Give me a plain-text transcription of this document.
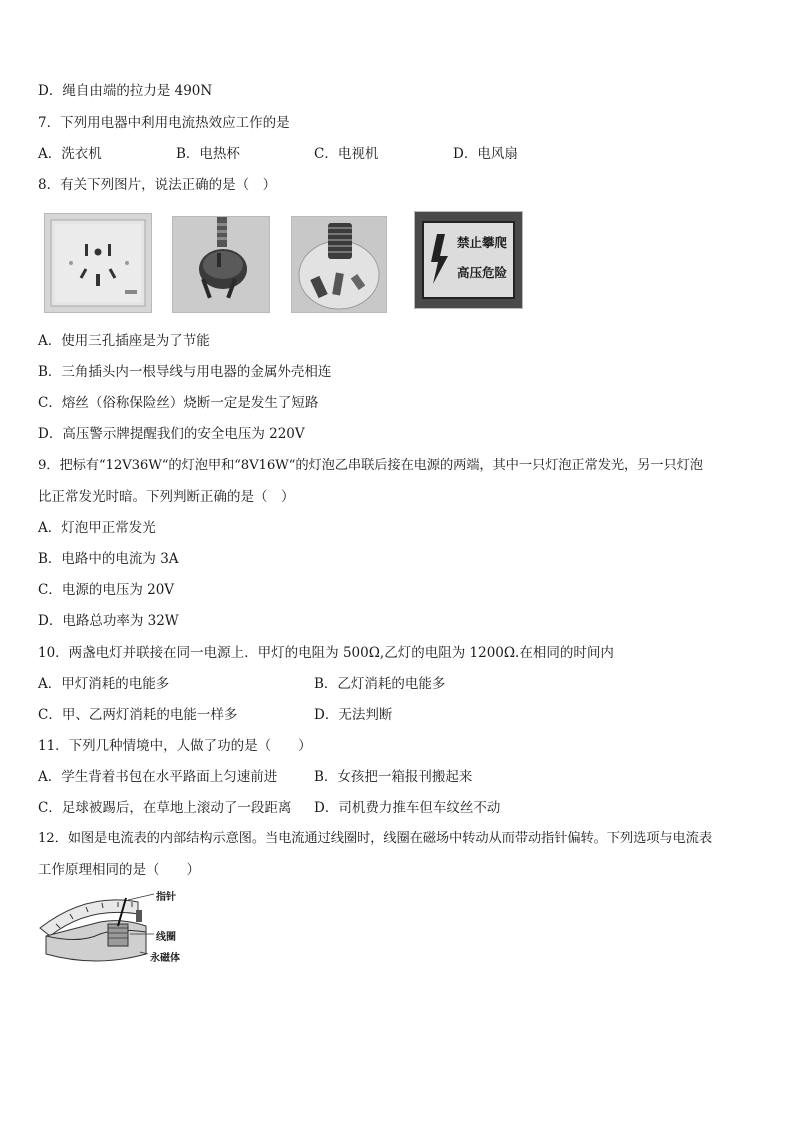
D．绳自由端的拉力是 490N
7．下列用电器中利用电流热效应工作的是
A．洗衣机	B．电热杯	C．电视机	D．电风扇
8．有关下列图片，说法正确的是（　）
禁止攀爬
高压危险
A．使用三孔插座是为了节能
B．三角插头内一根导线与用电器的金属外壳相连
C．熔丝（俗称保险丝）烧断一定是发生了短路
D．高压警示牌提醒我们的安全电压为 220V
9．把标有“12V36W“的灯泡甲和“8V16W“的灯泡乙串联后接在电源的两端，其中一只灯泡正常发光，另一只灯泡
比正常发光时暗。下列判断正确的是（　）
A．灯泡甲正常发光
B．电路中的电流为 3A
C．电源的电压为 20V
D．电路总功率为 32W
10．两盏电灯并联接在同一电源上．甲灯的电阻为 500Ω,乙灯的电阻为 1200Ω.在相同的时间内
A．甲灯消耗的电能多	B．乙灯消耗的电能多
C．甲、乙两灯消耗的电能一样多	D．无法判断
11．下列几种情境中，人做了功的是（　　）
A．学生背着书包在水平路面上匀速前进	B．女孩把一箱报刊搬起来
C．足球被踢后，在草地上滚动了一段距离 D．司机费力推车但车纹丝不动
12．如图是电流表的内部结构示意图。当电流通过线圈时，线圈在磁场中转动从而带动指针偏转。下列选项与电流表
工作原理相同的是（　　）
指针
线圈
永磁体
